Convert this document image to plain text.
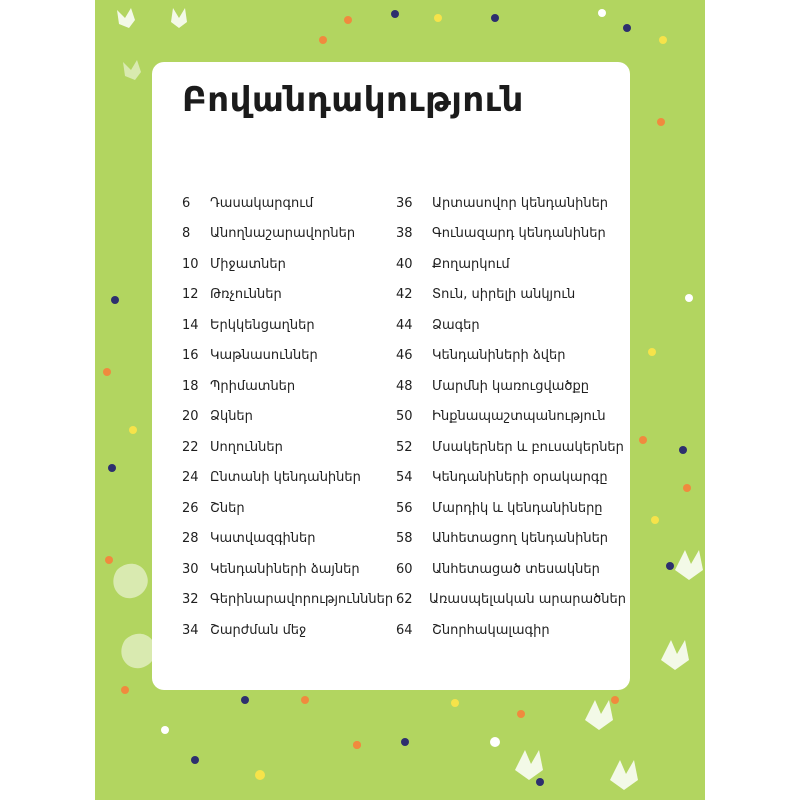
Բովանդակություն
6	Դասակարգում
8	Անողնաշարավորներ
10 Միջատներ
12 Թռչուններ
14 Երկկենցաղներ
16 Կաթնասուններ
18 Պրիմատներ
20 Ձկներ
22 Սողուններ
24 Ընտանի կենդանիներ
26 Շներ
28 Կատվազգիներ
30 Կենդանիների ձայներ
32 Գերինարավորությունններ
34 Շարժման մեջ
36	Արտասովոր կենդանիներ
38	Գունազարդ կենդանիներ
40	Քողարկում
42	Տուն, սիրելի անկյուն
44	Ձագեր
46	Կենդանիների ձվեր
48	Մարմնի կառուցվածքը
50	Ինքնապաշտպանություն
52	Մսակերներ և բուսակերներ
54	Կենդանիների օրակարգը
56	Մարդիկ և կենդանիները
58	Անհետացող կենդանիներ
60	Անհետացած տեսակներ
62	Առասպելական արարածներ
64	Շնորհակալագիր
